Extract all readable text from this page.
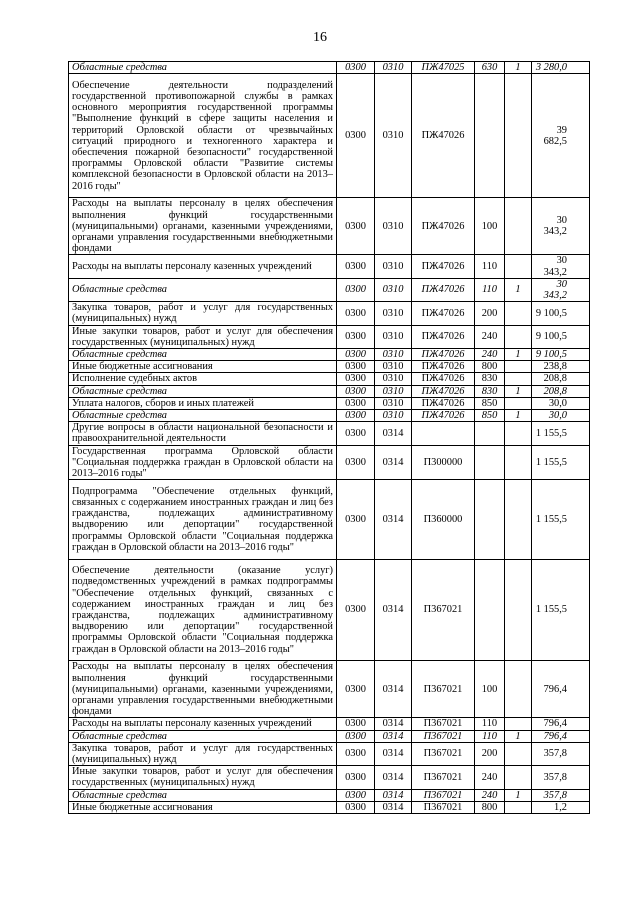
16
Областные средства	0300	0310	ПЖ47025	630	1	3 280,0
Обеспечение деятельности подразделений государственной противопожарной службы в рамках основного мероприятия государственной программы "Выполнение функций в сфере защиты населения и территорий Орловской области от чрезвычайных ситуаций природного и техногенного характера и обеспечения пожарной безопасности" государственной программы Орловской области "Развитие системы комплексной безопасности в Орловской области на 2013–2016 годы"	0300	0310	ПЖ47026			39 682,5
Расходы на выплаты персоналу в целях обеспечения выполнения функций государственными (муниципальными) органами, казенными учреждениями, органами управления государственными внебюджетными фондами	0300	0310	ПЖ47026	100		30 343,2
Расходы на выплаты персоналу казенных учреждений	0300	0310	ПЖ47026	110		30 343,2
Областные средства	0300	0310	ПЖ47026	110	1	30 343,2
Закупка товаров, работ и услуг для государственных (муниципальных) нужд	0300	0310	ПЖ47026	200		9 100,5
Иные закупки товаров, работ и услуг для обеспечения государственных (муниципальных) нужд	0300	0310	ПЖ47026	240		9 100,5
Областные средства	0300	0310	ПЖ47026	240	1	9 100,5
Иные бюджетные ассигнования	0300	0310	ПЖ47026	800		238,8
Исполнение судебных актов	0300	0310	ПЖ47026	830		208,8
Областные средства	0300	0310	ПЖ47026	830	1	208,8
Уплата налогов, сборов и иных платежей	0300	0310	ПЖ47026	850		30,0
Областные средства	0300	0310	ПЖ47026	850	1	30,0
Другие вопросы в области национальной безопасности и правоохранительной деятельности	0300	0314				1 155,5
Государственная программа Орловской области "Социальная поддержка граждан в Орловской области на 2013–2016 годы"	0300	0314	П300000			1 155,5
Подпрограмма "Обеспечение отдельных функций, связанных с содержанием иностранных граждан и лиц без гражданства, подлежащих административному выдворению или депортации" государственной программы Орловской области "Социальная поддержка граждан в Орловской области на 2013–2016 годы"	0300	0314	П360000			1 155,5
Обеспечение деятельности (оказание услуг) подведомственных учреждений в рамках подпрограммы "Обеспечение отдельных функций, связанных с содержанием иностранных граждан и лиц без гражданства, подлежащих административному выдворению или депортации" государственной программы Орловской области "Социальная поддержка граждан в Орловской области на 2013–2016 годы"	0300	0314	П367021			1 155,5
Расходы на выплаты персоналу в целях обеспечения выполнения функций государственными (муниципальными) органами, казенными учреждениями, органами управления государственными внебюджетными фондами	0300	0314	П367021	100		796,4
Расходы на выплаты персоналу казенных учреждений	0300	0314	П367021	110		796,4
Областные средства	0300	0314	П367021	110	1	796,4
Закупка товаров, работ и услуг для государственных (муниципальных) нужд	0300	0314	П367021	200		357,8
Иные закупки товаров, работ и услуг для обеспечения государственных (муниципальных) нужд	0300	0314	П367021	240		357,8
Областные средства	0300	0314	П367021	240	1	357,8
Иные бюджетные ассигнования	0300	0314	П367021	800		1,2
